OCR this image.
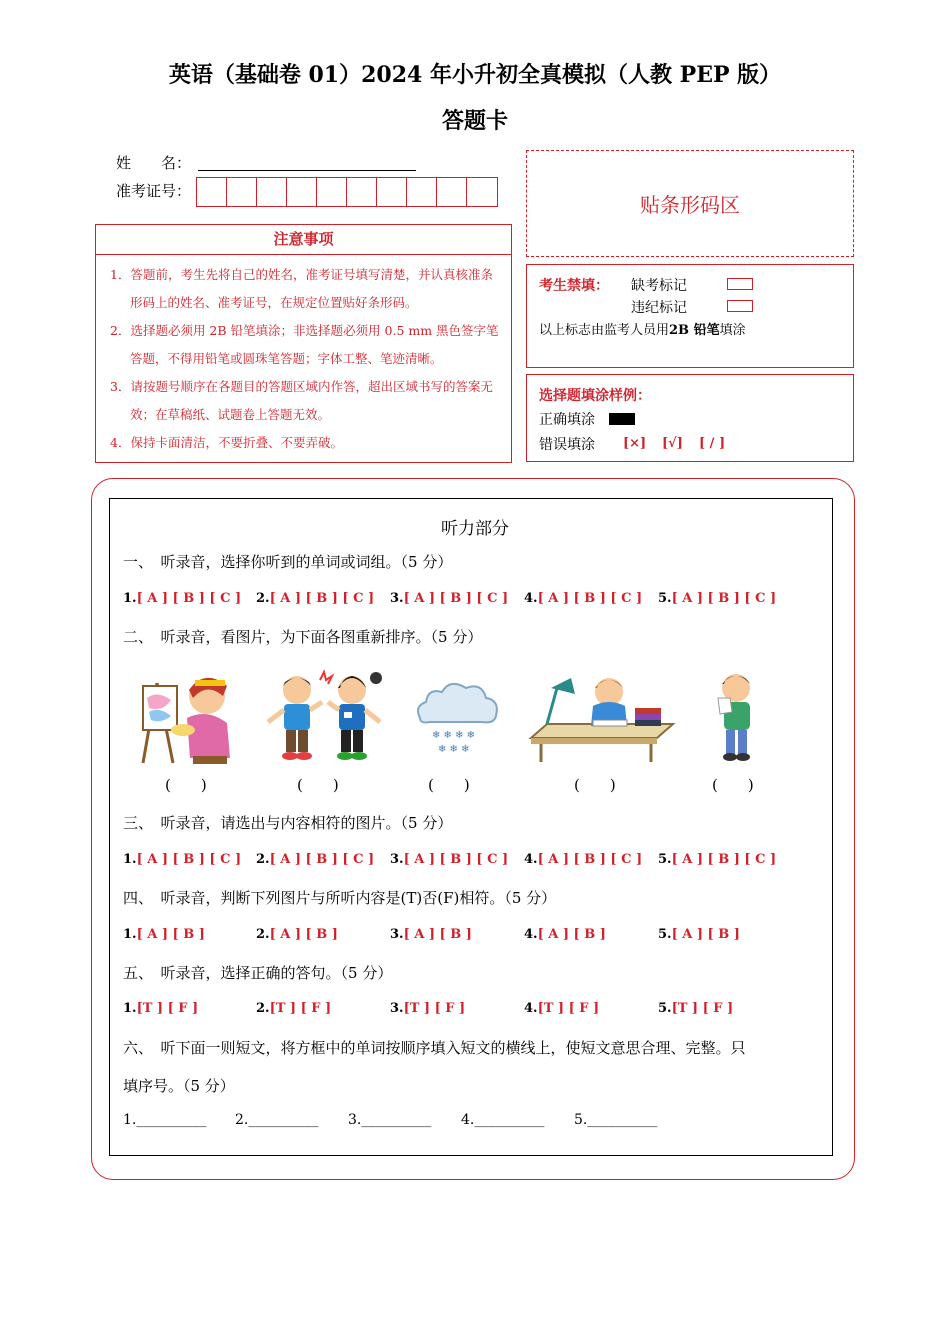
英语（基础卷 01）2024 年小升初全真模拟（人教 PEP 版）
答题卡
姓　　名：
准考证号：
贴条形码区
注意事项
1．答题前，考生先将自己的姓名，准考证号填写清楚，并认真核准条形码上的姓名、准考证号，在规定位置贴好条形码。
2．选择题必须用 2B 铅笔填涂；非选择题必须用 0.5 mm 黑色签字笔答题，不得用铅笔或圆珠笔答题；字体工整、笔迹清晰。
3．请按题号顺序在各题目的答题区域内作答，超出区域书写的答案无效；在草稿纸、试题卷上答题无效。
4．保持卡面清洁，不要折叠、不要弄破。
考生禁填： 缺考标记
违纪标记
以上标志由监考人员用2B 铅笔填涂
选择题填涂样例：
正确填涂
错误填涂 [×] [√] [ / ]
听力部分
一、　听录音，选择你听到的单词或词组。（5 分）
1.[ A ] [ B ] [ C ] 2.[ A ] [ B ] [ C ] 3.[ A ] [ B ] [ C ] 4.[ A ] [ B ] [ C ] 5.[ A ] [ B ] [ C ]
二、　听录音，看图片，为下面各图重新排序。（5 分）
❄ ❄ ❄ ❄
❄ ❄ ❄
(　　)	(　　)	(　　)	(　　)	(　　)
三、　听录音，请选出与内容相符的图片。（5 分）
1.[ A ] [ B ] [ C ] 2.[ A ] [ B ] [ C ] 3.[ A ] [ B ] [ C ] 4.[ A ] [ B ] [ C ] 5.[ A ] [ B ] [ C ]
四、　听录音，判断下列图片与所听内容是(T)否(F)相符。（5 分）
1.[ A ] [ B ]	2.[ A ] [ B ]	3.[ A ] [ B ]	4.[ A ] [ B ]	5.[ A ] [ B ]
五、　听录音，选择正确的答句。（5 分）
1.[T ] [ F ]	2.[T ] [ F ]	3.[T ] [ F ]	4.[T ] [ F ]	5.[T ] [ F ]
六、　听下面一则短文，将方框中的单词按顺序填入短文的横线上，使短文意思合理、完整。只
填序号。（5 分）
1.__________ 2.__________ 3.__________ 4.__________ 5.__________
